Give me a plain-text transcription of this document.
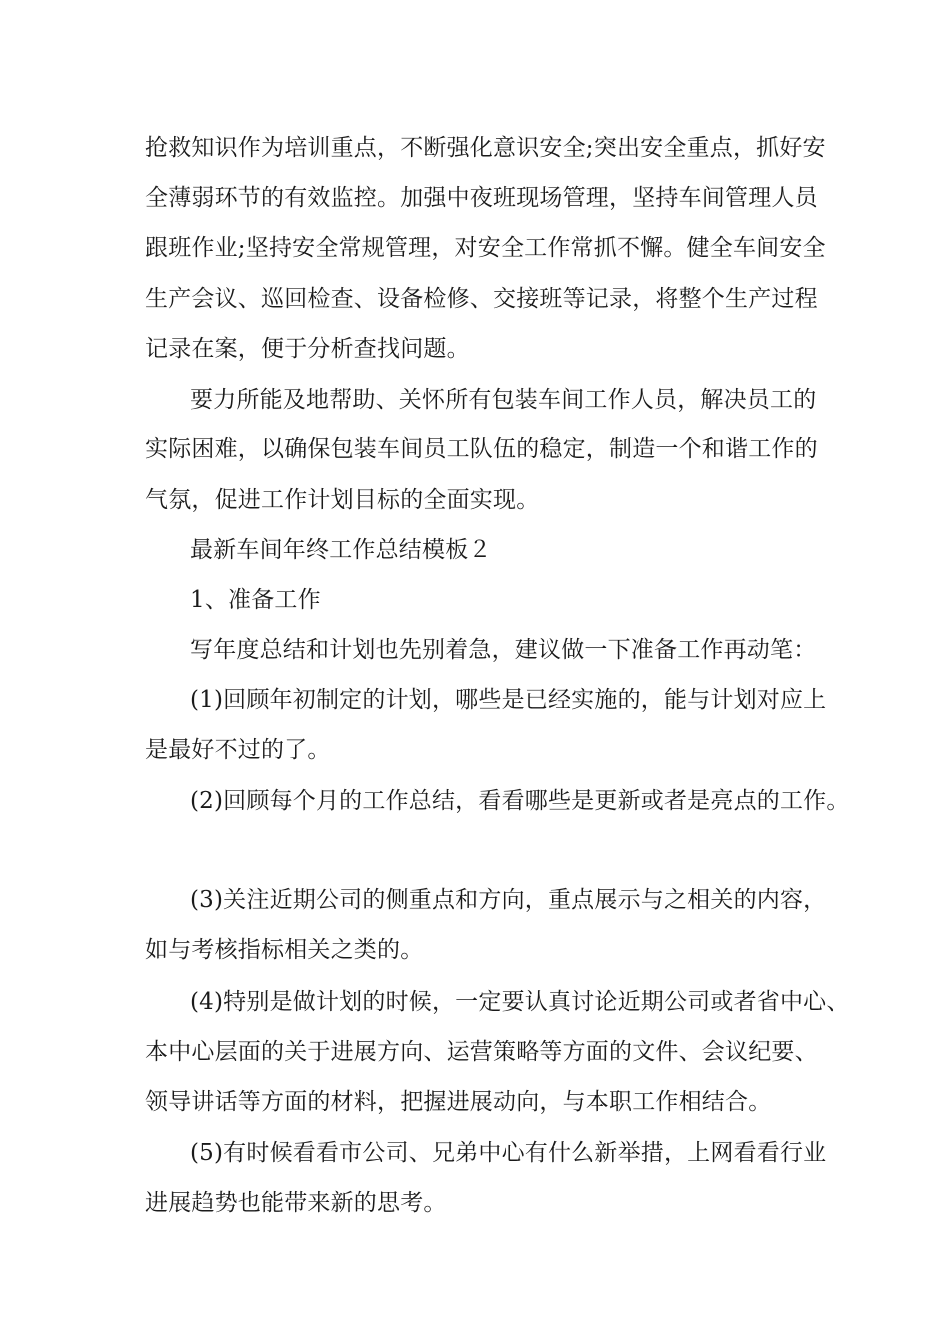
抢救知识作为培训重点，不断强化意识安全;突出安全重点，抓好安
全薄弱环节的有效监控。加强中夜班现场管理，坚持车间管理人员
跟班作业;坚持安全常规管理，对安全工作常抓不懈。健全车间安全
生产会议、巡回检查、设备检修、交接班等记录，将整个生产过程
记录在案，便于分析查找问题。
要力所能及地帮助、关怀所有包装车间工作人员，解决员工的
实际困难，以确保包装车间员工队伍的稳定，制造一个和谐工作的
气氛，促进工作计划目标的全面实现。
最新车间年终工作总结模板２
1、准备工作
写年度总结和计划也先别着急，建议做一下准备工作再动笔：
(1)回顾年初制定的计划，哪些是已经实施的，能与计划对应上
是最好不过的了。
(2)回顾每个月的工作总结，看看哪些是更新或者是亮点的工作。
(3)关注近期公司的侧重点和方向，重点展示与之相关的内容，
如与考核指标相关之类的。
(4)特别是做计划的时候，一定要认真讨论近期公司或者省中心、
本中心层面的关于进展方向、运营策略等方面的文件、会议纪要、
领导讲话等方面的材料，把握进展动向，与本职工作相结合。
(5)有时候看看市公司、兄弟中心有什么新举措，上网看看行业
进展趋势也能带来新的思考。
